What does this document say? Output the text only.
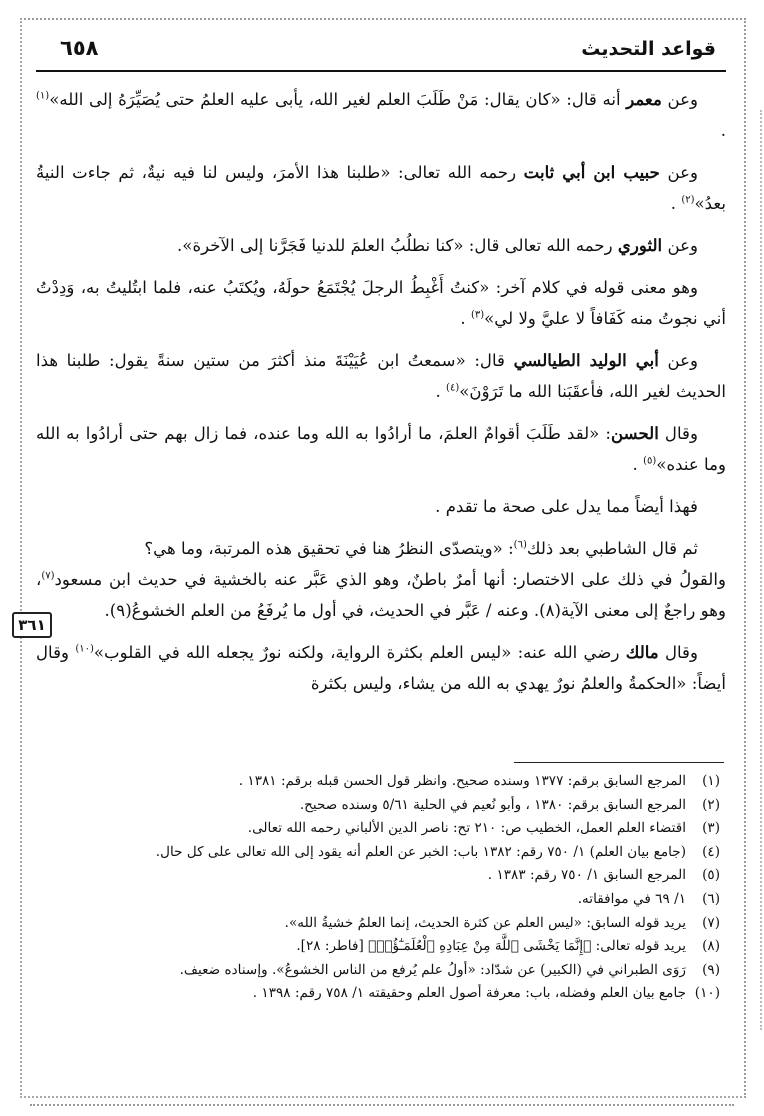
قواعد التحديث
٦٥٨
٣٦١

وعن معمر أنه قال: «كان يقال: مَنْ طَلَبَ العلم لغير الله، يأبى عليه العلمُ حتى يُصَيِّرَهُ إلى الله»$^{(١)}$ .

وعن حبيب ابن أبي ثابت رحمه الله تعالى: «طلبنا هذا الأمرَ، وليس لنا فيه نيةٌ، ثم جاءت النيةُ بعدُ»$^{(٢)}$ .

وعن الثوري رحمه الله تعالى قال: «كنا نطلُبُ العلمَ للدنيا فَجَرَّنا إلى الآخرة».

وهو معنى قوله في كلام آخر: «كنتُ أَغْبِطُ الرجلَ يُجْتَمَعُ حولَهُ، ويُكتَبُ عنه، فلما ابتُليتُ به، وَدِدْتُ أني نجوتُ منه كَفَافاً لا عليَّ ولا لي»$^{(٣)}$ .

وعن أبي الوليد الطيالسي قال: «سمعتُ ابن عُيَيْنَةَ منذ أكثرَ من ستين سنةً يقول: طلبنا هذا الحديث لغير الله، فأعقَبَنا الله ما تَرَوْنَ»$^{(٤)}$ .

وقال الحسن: «لقد طَلَبَ أقوامٌ العلمَ، ما أرادُوا به الله وما عنده، فما زال بهم حتى أرادُوا به الله وما عنده»$^{(٥)}$ .

فهذا أيضاً مما يدل على صحة ما تقدم .

ثم قال الشاطبي بعد ذلك$^{(٦)}$: «ويتصدّى النظرُ هنا في تحقيق هذه المرتبة، وما هي؟

والقولُ في ذلك على الاختصار: أنها أمرٌ باطنٌ، وهو الذي عَبَّر عنه بالخشية في حديث ابن مسعود$^{(٧)}$، وهو راجعٌ إلى معنى الآية(٨). وعنه / عَبَّر في الحديث، في أول ما يُرفَعُ من العلم الخشوعُ(٩).

وقال مالك رضي الله عنه: «ليس العلم بكثرة الرواية، ولكنه نورٌ يجعله الله في القلوب»$^{(١٠)}$ وقال أيضاً: «الحكمةُ والعلمُ نورٌ يهدي به الله من يشاء، وليس بكثرة

(١)المرجع السابق برقم: ١٣٧٧ وسنده صحيح. وانظر قول الحسن قبله برقم: ١٣٨١ .
(٢)المرجع السابق برقم: ١٣٨٠ ، وأبو نُعيم في الحلية ٥/٦١ وسنده صحيح.
(٣)اقتضاء العلم العمل، الخطيب ص: ٢١٠ تح: ناصر الدين الألباني رحمه الله تعالى.
(٤)(جامع بيان العلم) ١/ ٧٥٠ رقم: ١٣٨٢ باب: الخبر عن العلم أنه يقود إلى الله تعالى على كل حال.
(٥)المرجع السابق ١/ ٧٥٠ رقم: ١٣٨٣ .
(٦)١/ ٦٩ في موافقاته.
(٧)يريد قوله السابق: «ليس العلم عن كثرة الحديث، إنما العلمُ خشيةُ الله».
(٨)يريد قوله تعالى: ﴿إِنَّمَا يَخْشَى ٱللَّهَ مِنْ عِبَادِهِ ٱلْعُلَمَـٰٓؤُا۟﴾ [فاطر: ٢٨].
(٩)رَوَى الطبراني في (الكبير) عن شدّاد: «أولُ علم يُرفع من الناس الخشوعُ». وإسناده ضعيف.
(١٠)جامع بيان العلم وفضله، باب: معرفة أصول العلم وحقيقته ١/ ٧٥٨ رقم: ١٣٩٨ .
